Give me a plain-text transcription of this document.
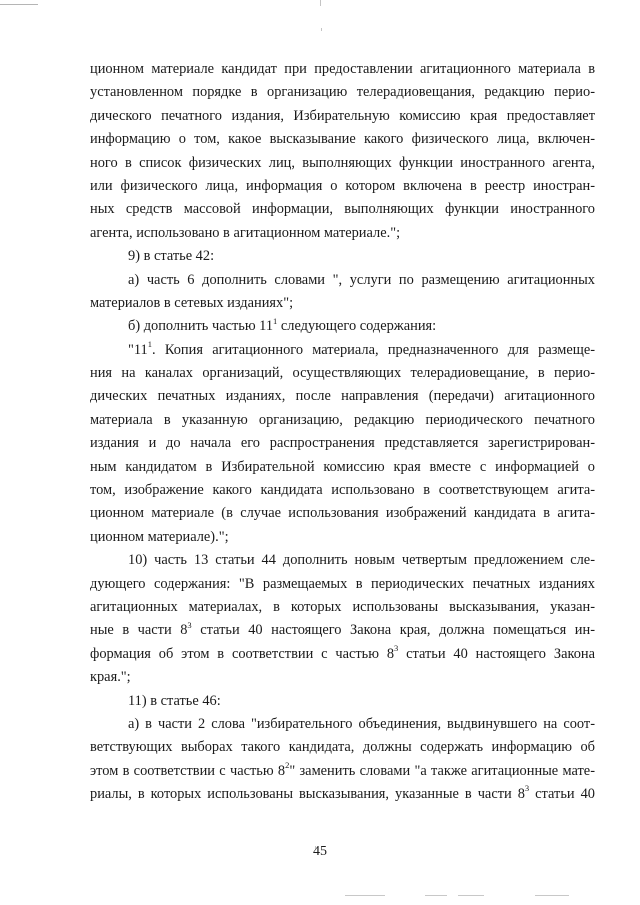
ционном материале кандидат при предоставлении агитационного материала в
установленном порядке в организацию телерадиовещания, редакцию перио-
дического печатного издания, Избирательную комиссию края предоставляет
информацию о том, какое высказывание какого физического лица, включен-
ного в список физических лиц, выполняющих функции иностранного агента,
или физического лица, информация о котором включена в реестр иностран-
ных средств массовой информации, выполняющих функции иностранного
агента, использовано в агитационном материале.";
9) в статье 42:
а) часть 6 дополнить словами ", услуги по размещению агитационных
материалов в сетевых изданиях";
б) дополнить частью $11^1$ следующего содержания:
"$11^1$. Копия агитационного материала, предназначенного для размеще-
ния на каналах организаций, осуществляющих телерадиовещание, в перио-
дических печатных изданиях, после направления (передачи) агитационного
материала в указанную организацию, редакцию периодического печатного
издания и до начала его распространения представляется зарегистрирован-
ным кандидатом в Избирательной комиссию края вместе с информацией о
том, изображение какого кандидата использовано в соответствующем агита-
ционном материале (в случае использования изображений кандидата в агита-
ционном материале).";
10) часть 13 статьи 44 дополнить новым четвертым предложением сле-
дующего содержания: "В размещаемых в периодических печатных изданиях
агитационных материалах, в которых использованы высказывания, указан-
ные в части $8^3$ статьи 40 настоящего Закона края, должна помещаться ин-
формация об этом в соответствии с частью $8^3$ статьи 40 настоящего Закона
края.";
11) в статье 46:
а) в части 2 слова "избирательного объединения, выдвинувшего на соот-
ветствующих выборах такого кандидата, должны содержать информацию об
этом в соответствии с частью $8^2$" заменить словами "а также агитационные мате-
риалы, в которых использованы высказывания, указанные в части $8^3$ статьи 40
45
